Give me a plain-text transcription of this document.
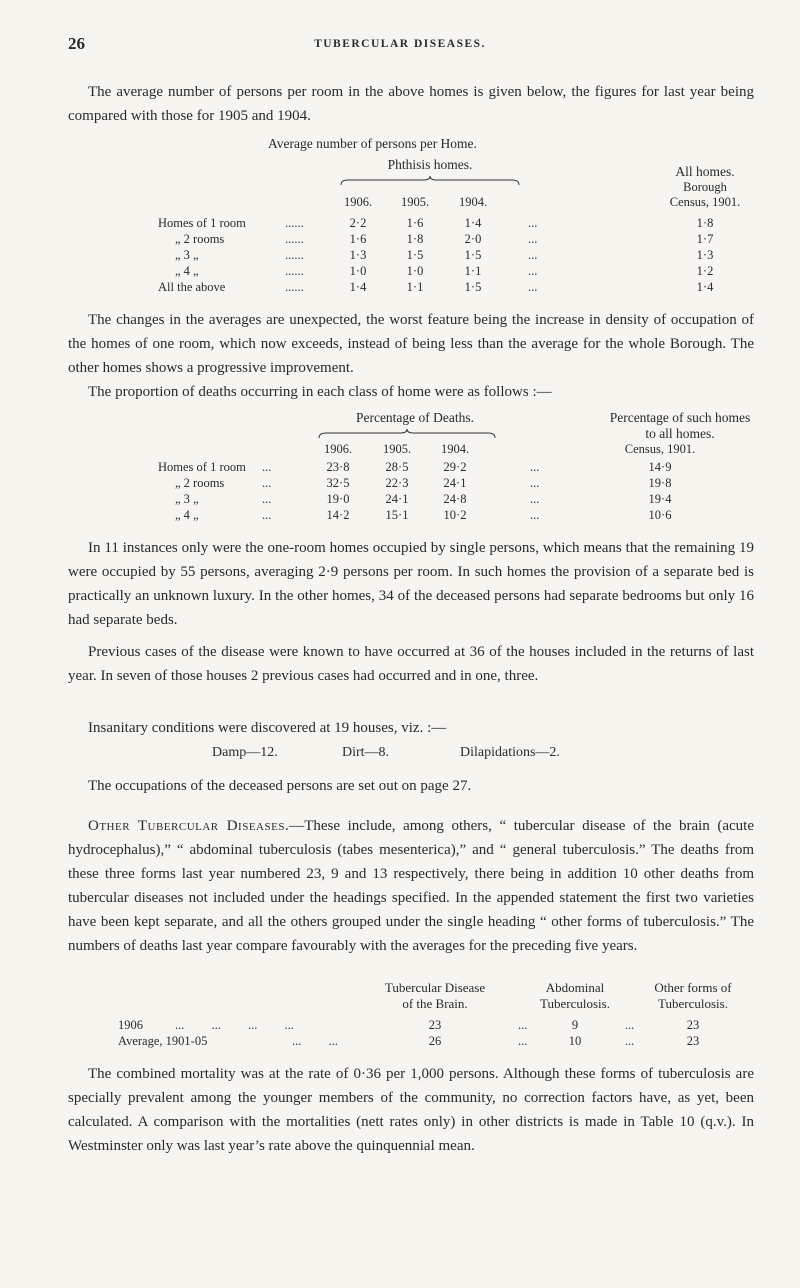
26	TUBERCULAR DISEASES.

The average number of persons per room in the above homes is given below, the figures for last year being compared with those for 1905 and 1904.

Average number of persons per Home.
Phthisis homes.	All homes.
Borough
1906.	1905.	1904.	Census, 1901.
Homes of 1 room	......	2·2	1·6	1·4	...	1·8
„ 2 rooms	......	1·6	1·8	2·0	...	1·7
„ 3 „	......	1·3	1·5	1·5	...	1·3
„ 4 „	......	1·0	1·0	1·1	...	1·2
All the above	......	1·4	1·1	1·5	...	1·4

The changes in the averages are unexpected, the worst feature being the increase in density of occupation of the homes of one room, which now exceeds, instead of being less than the average for the whole Borough. The other homes shows a progressive improvement.

The proportion of deaths occurring in each class of home were as follows :—

Percentage of Deaths.	Percentage of such homes
to all homes.
1906.	1905.	1904.	Census, 1901.
Homes of 1 room ...	23·8	28·5	29·2	...	14·9
„ 2 rooms	...	32·5	22·3	24·1	...	19·8
„ 3 „	...	19·0	24·1	24·8	...	19·4
„ 4 „	...	14·2	15·1	10·2	...	10·6

In 11 instances only were the one-room homes occupied by single persons, which means that the remaining 19 were occupied by 55 persons, averaging 2·9 persons per room. In such homes the provision of a separate bed is practically an unknown luxury. In the other homes, 34 of the deceased persons had separate bedrooms but only 16 had separate beds.

Previous cases of the disease were known to have occurred at 36 of the houses included in the returns of last year. In seven of those houses 2 previous cases had occurred and in one, three.

Insanitary conditions were discovered at 19 houses, viz. :—

Damp—12.	Dirt—8.	Dilapidations—2.

The occupations of the deceased persons are set out on page 27.

Other Tubercular Diseases.—These include, among others, “ tubercular disease of the brain (acute hydrocephalus),” “ abdominal tuberculosis (tabes mesenterica),” and “ general tuberculosis.” The deaths from these three forms last year numbered 23, 9 and 13 respectively, there being in addition 10 other deaths from tubercular diseases not included under the headings specified. In the appended statement the first two varieties have been kept separate, and all the others grouped under the single heading “ other forms of tuberculosis.” The numbers of deaths last year compare favourably with the averages for the preceding five years.

Tubercular Disease
of the Brain.
Abdominal
Tuberculosis.
Other forms of
Tuberculosis.
1906	... ... ... ...	23	...	9	...	23
Average, 1901-05	... ...	26	...	10	...	23

The combined mortality was at the rate of 0·36 per 1,000 persons. Although these forms of tuberculosis are specially prevalent among the younger members of the community, no correction factors have, as yet, been calculated. A comparison with the mortalities (nett rates only) in other districts is made in Table 10 (q.v.). In Westminster only was last year’s rate above the quinquennial mean.
